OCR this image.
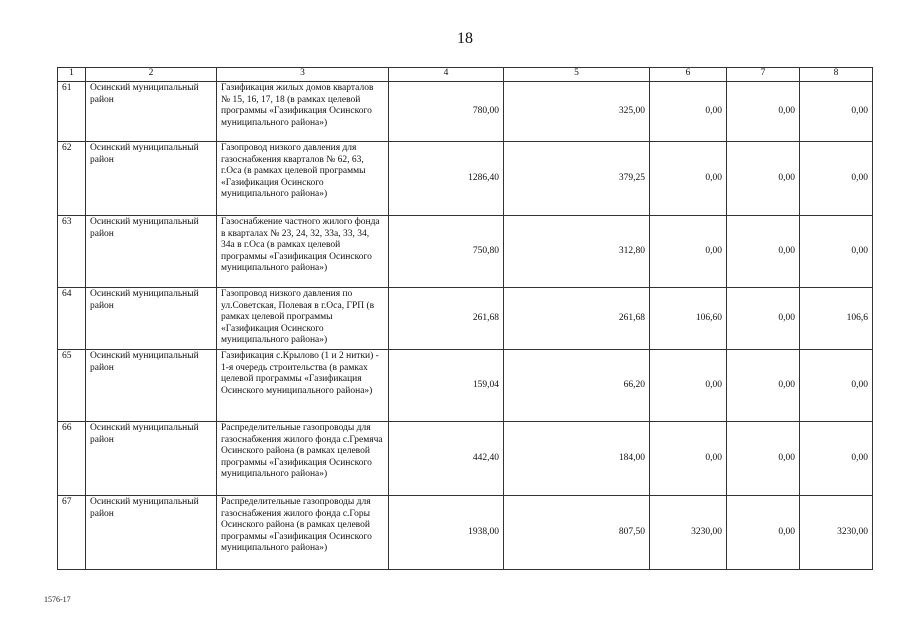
18
1	2	3	4	5	6	7	8
61	Осинский муниципальный район	Газификация жилых домов кварталов № 15, 16, 17, 18 (в рамках целевой программы «Газификация Осинского муниципального района»)	780,00	325,00	0,00	0,00	0,00
62	Осинский муниципальный район	Газопровод низкого давления для газоснабжения кварталов № 62, 63, г.Оса (в рамках целевой программы «Газификация Осинского муниципального района»)	1286,40	379,25	0,00	0,00	0,00
63	Осинский муниципальный район	Газоснабжение частного жилого фонда в кварталах № 23, 24, 32, 33а, 33, 34, 34а в г.Оса (в рамках целевой программы «Газификация Осинского муниципального района»)	750,80	312,80	0,00	0,00	0,00
64	Осинский муниципальный район	Газопровод низкого давления по ул.Советская, Полевая в г.Оса, ГРП (в рамках целевой программы «Газификация Осинского муниципального района»)	261,68	261,68	106,60	0,00	106,6
65	Осинский муниципальный район	Газификация с.Крылово (1 и 2 нитки) - 1-я очередь строительства (в рамках целевой программы «Газификация Осинского муниципального района»)	159,04	66,20	0,00	0,00	0,00
66	Осинский муниципальный район	Распределительные газопроводы для газоснабжения жилого фонда с.Гремяча Осинского района (в рамках целевой программы «Газификация Осинского муниципального района»)	442,40	184,00	0,00	0,00	0,00
67	Осинский муниципальный район	Распределительные газопроводы для газоснабжения жилого фонда с.Горы Осинского района (в рамках целевой программы «Газификация Осинского муниципального района»)	1938,00	807,50	3230,00	0,00	3230,00
1576-17
